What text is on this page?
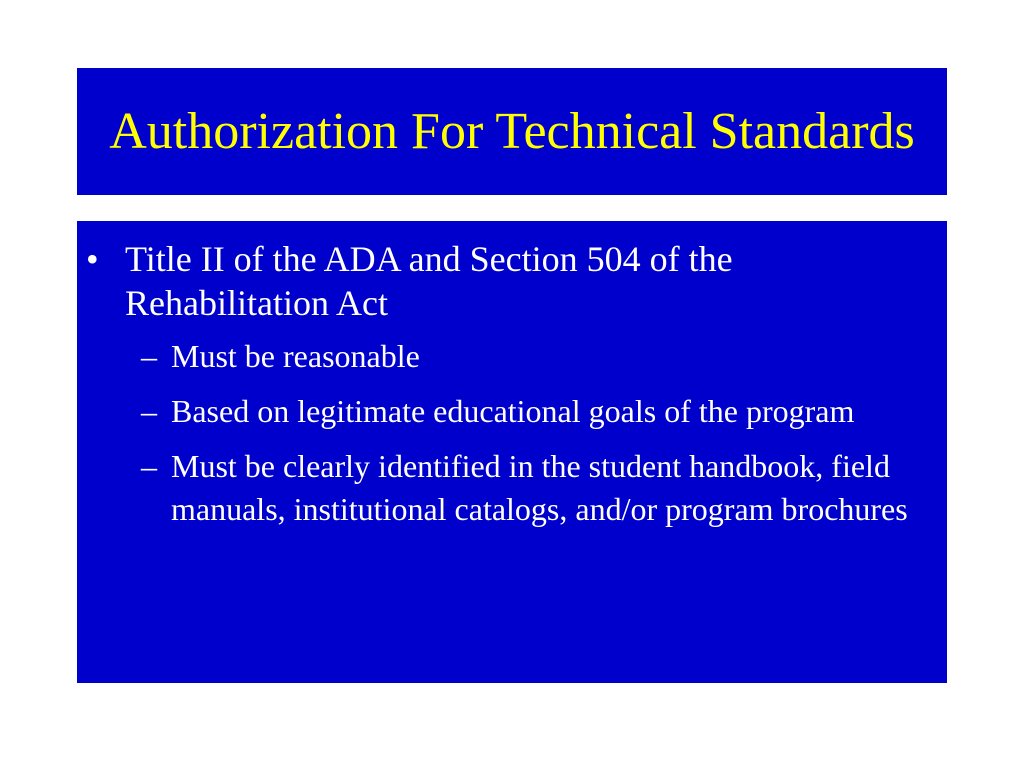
Authorization For Technical Standards
• Title II of the ADA and Section 504 of the Rehabilitation Act
– Must be reasonable
– Based on legitimate educational goals of the program
– Must be clearly identified in the student handbook, field manuals, institutional catalogs, and/or program brochures
